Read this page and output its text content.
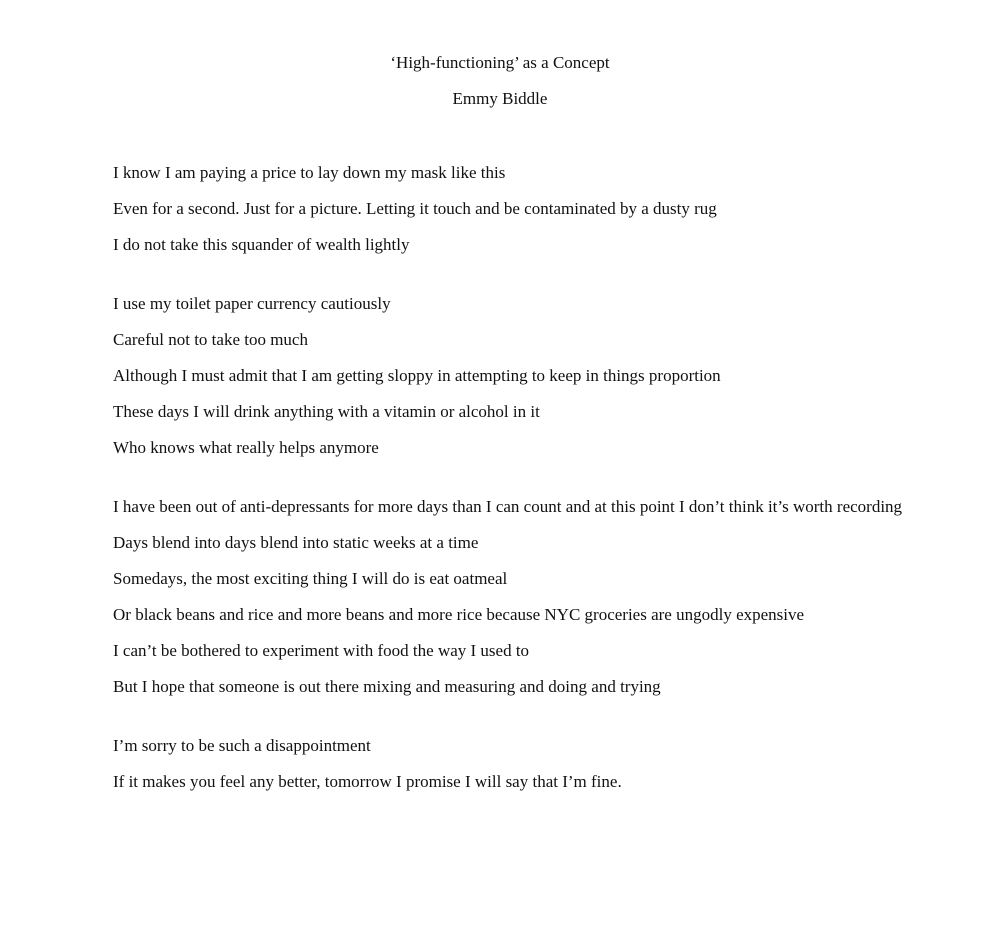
‘High-functioning’ as a Concept

Emmy Biddle

I know I am paying a price to lay down my mask like this
Even for a second. Just for a picture. Letting it touch and be contaminated by a dusty rug
I do not take this squander of wealth lightly
I use my toilet paper currency cautiously
Careful not to take too much
Although I must admit that I am getting sloppy in attempting to keep in things proportion
These days I will drink anything with a vitamin or alcohol in it
Who knows what really helps anymore
I have been out of anti-depressants for more days than I can count and at this point I don’t think it’s worth recording
Days blend into days blend into static weeks at a time
Somedays, the most exciting thing I will do is eat oatmeal
Or black beans and rice and more beans and more rice because NYC groceries are ungodly expensive
I can’t be bothered to experiment with food the way I used to
But I hope that someone is out there mixing and measuring and doing and trying
I’m sorry to be such a disappointment
If it makes you feel any better, tomorrow I promise I will say that I’m fine.
